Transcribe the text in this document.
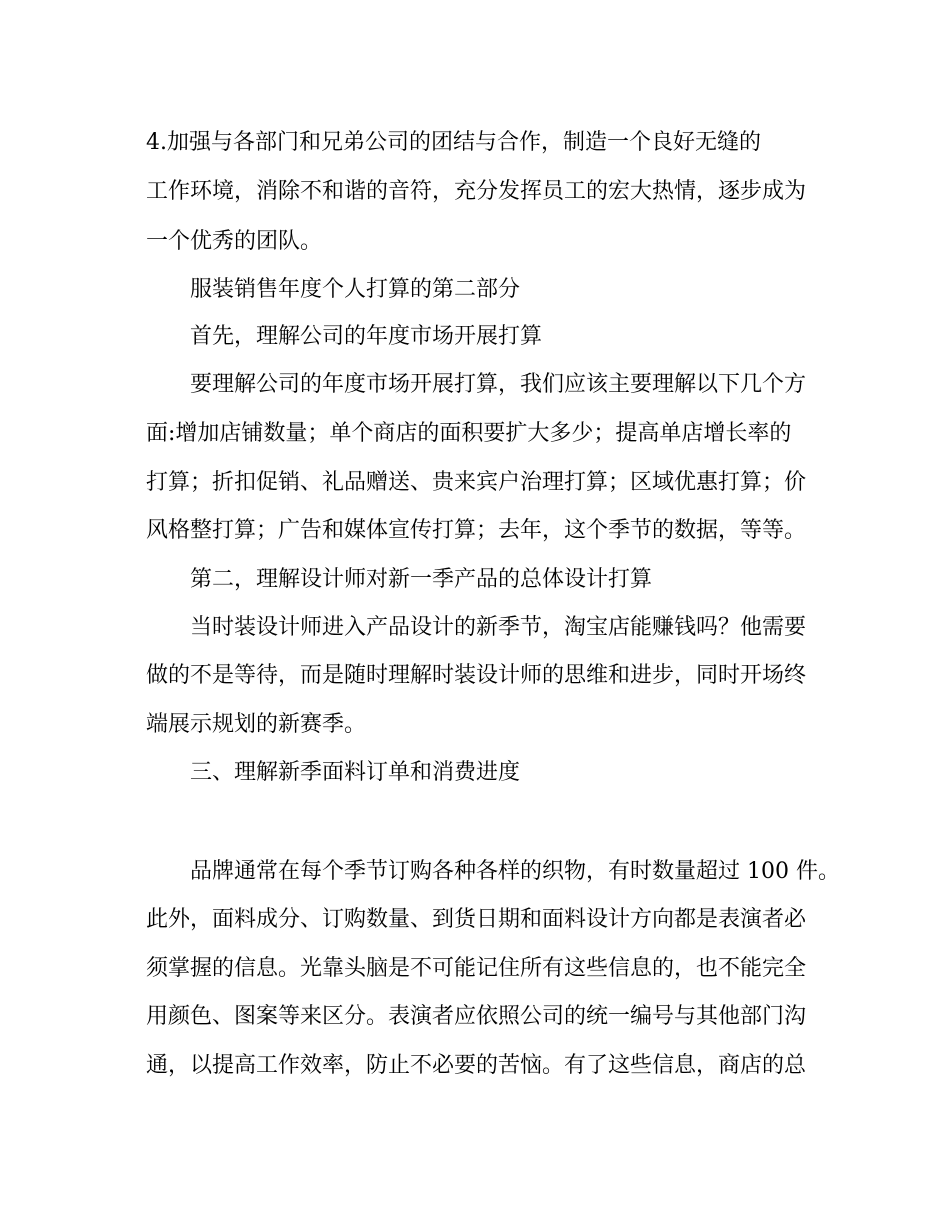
4.加强与各部门和兄弟公司的团结与合作，制造一个良好无缝的
工作环境，消除不和谐的音符，充分发挥员工的宏大热情，逐步成为
一个优秀的团队。
服装销售年度个人打算的第二部分
首先，理解公司的年度市场开展打算
要理解公司的年度市场开展打算，我们应该主要理解以下几个方
面:增加店铺数量；单个商店的面积要扩大多少；提高单店增长率的
打算；折扣促销、礼品赠送、贵来宾户治理打算；区域优惠打算；价
风格整打算；广告和媒体宣传打算；去年，这个季节的数据，等等。
第二，理解设计师对新一季产品的总体设计打算
当时装设计师进入产品设计的新季节，淘宝店能赚钱吗？他需要
做的不是等待，而是随时理解时装设计师的思维和进步，同时开场终
端展示规划的新赛季。
三、理解新季面料订单和消费进度
品牌通常在每个季节订购各种各样的织物，有时数量超过 100 件。
此外，面料成分、订购数量、到货日期和面料设计方向都是表演者必
须掌握的信息。光靠头脑是不可能记住所有这些信息的，也不能完全
用颜色、图案等来区分。表演者应依照公司的统一编号与其他部门沟
通，以提高工作效率，防止不必要的苦恼。有了这些信息，商店的总
